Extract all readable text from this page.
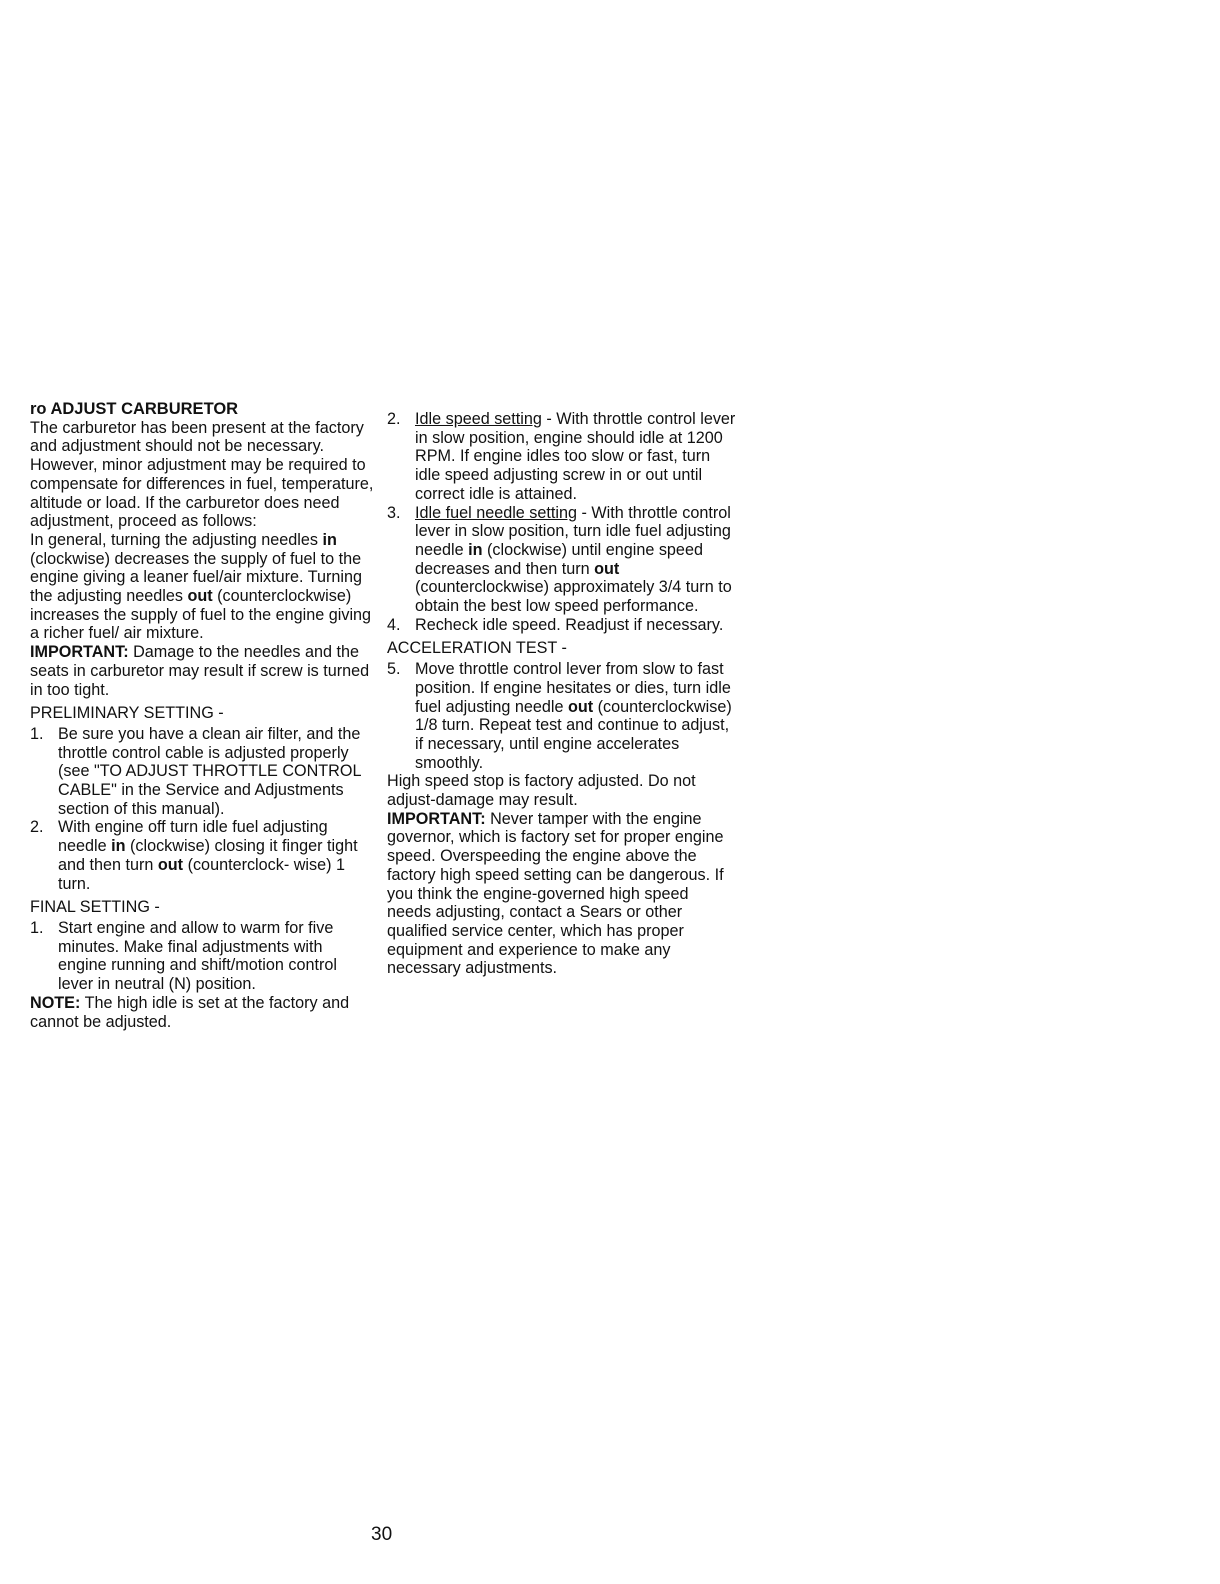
ro ADJUST CARBURETOR

The carburetor has been present at the factory and adjustment should not be necessary. However, minor adjustment may be required to compensate for differences in fuel, temperature, altitude or load. If the carburetor does need adjustment, proceed as follows:

In general, turning the adjusting needles in (clockwise) decreases the supply of fuel to the engine giving a leaner fuel/air mixture. Turning the adjusting needles out (counterclockwise) increases the supply of fuel to the engine giving a richer fuel/ air mixture.

IMPORTANT: Damage to the needles and the seats in carburetor may result if screw is turned in too tight.

PRELIMINARY SETTING -

1. Be sure you have a clean air filter, and the throttle control cable is adjusted properly (see "TO ADJUST THROTTLE CONTROL CABLE" in the Service and Adjustments section of this manual).
2. With engine off turn idle fuel adjusting needle in (clockwise) closing it finger tight and then turn out (counterclock- wise) 1 turn.

FINAL SETTING -

1. Start engine and allow to warm for five minutes. Make final adjustments with engine running and shift/motion control lever in neutral (N) position.

NOTE: The high idle is set at the factory and cannot be adjusted.

2. Idle speed setting - With throttle control lever in slow position, engine should idle at 1200 RPM. If engine idles too slow or fast, turn idle speed adjusting screw in or out until correct idle is attained.
3. Idle fuel needle setting - With throttle control lever in slow position, turn idle fuel adjusting needle in (clockwise) until engine speed decreases and then turn out (counterclockwise) approximately 3/4 turn to obtain the best low speed performance.
4. Recheck idle speed. Readjust if necessary.

ACCELERATION TEST -

5. Move throttle control lever from slow to fast position. If engine hesitates or dies, turn idle fuel adjusting needle out (counterclockwise) 1/8 turn. Repeat test and continue to adjust, if necessary, until engine accelerates smoothly.

High speed stop is factory adjusted. Do not adjust-damage may result.

IMPORTANT: Never tamper with the engine governor, which is factory set for proper engine speed. Overspeeding the engine above the factory high speed setting can be dangerous. If you think the engine-governed high speed needs adjusting, contact a Sears or other qualified service center, which has proper equipment and experience to make any necessary adjustments.

30
